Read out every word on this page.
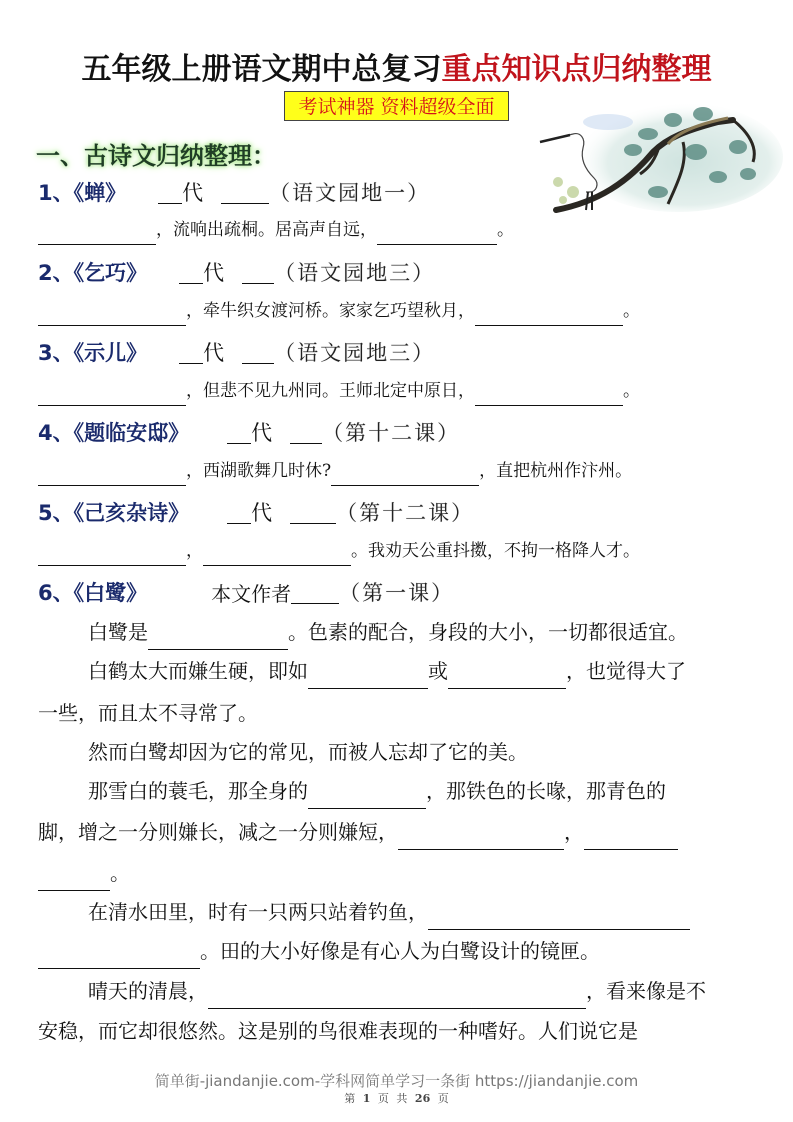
五年级上册语文期中总复习重点知识点归纳整理
考试神器 资料超级全面
一、古诗文归纳整理：
1、《蝉》	代	（语文园地一）
，流响出疏桐。居高声自远，	。
2、《乞巧》	代 （语文园地三）
，牵牛织女渡河桥。家家乞巧望秋月，	。
3、《示儿》	代 （语文园地三）
，但悲不见九州同。王师北定中原日，	。
4、《题临安邸》	代 （第十二课）
，西湖歌舞几时休?	，直把杭州作汴州。
5、《己亥杂诗》	代	（第十二课）
，	。我劝天公重抖擞，不拘一格降人才。
6、《白鹭》	本文作者 （第一课）
白鹭是	。色素的配合，身段的大小，一切都很适宜。
白鹤太大而嫌生硬，即如	或	，也觉得大了
一些，而且太不寻常了。
然而白鹭却因为它的常见，而被人忘却了它的美。
那雪白的蓑毛，那全身的	，那铁色的长喙，那青色的
脚，增之一分则嫌长，减之一分则嫌短，	，
。
在清水田里，时有一只两只站着钓鱼，
。田的大小好像是有心人为白鹭设计的镜匣。
晴天的清晨，	，看来像是不
安稳，而它却很悠然。这是别的鸟很难表现的一种嗜好。人们说它是
简单街-jiandanjie.com-学科网简单学习一条街 https://jiandanjie.com
第 1 页 共 26 页
